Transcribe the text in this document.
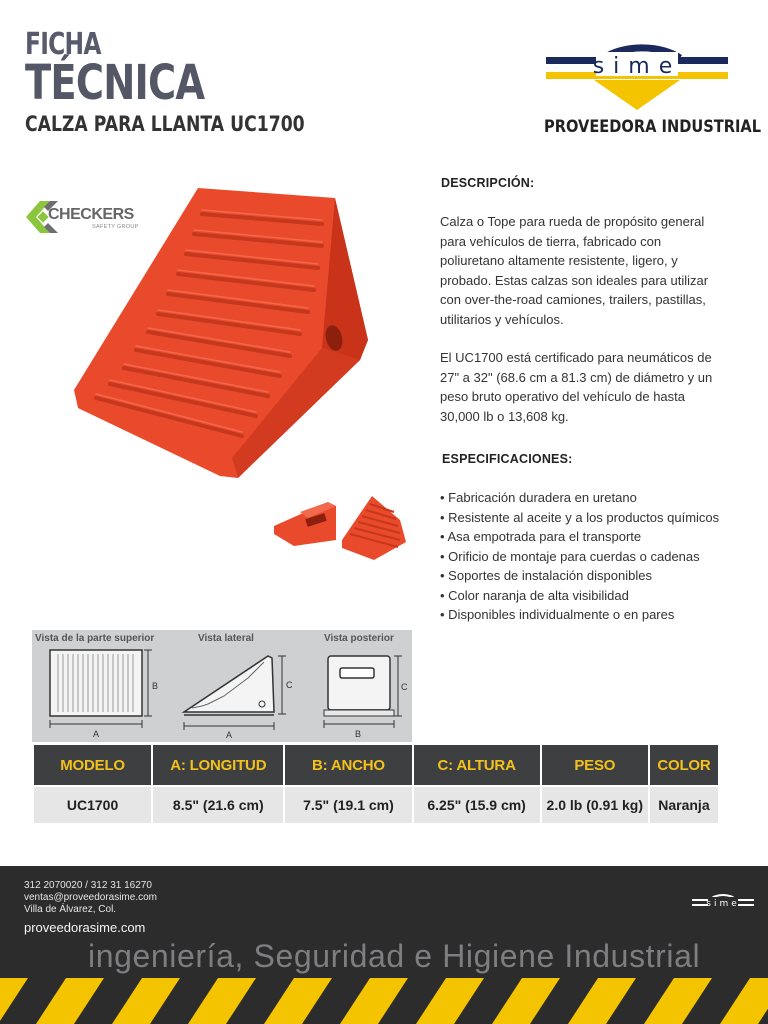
FICHA
TÉCNICA
CALZA PARA LLANTA UC1700
sime
PROVEEDORA INDUSTRIAL
CHECKERS
SAFETY GROUP
DESCRIPCIÓN:
Calza o Tope para rueda de propósito general
para vehículos de tierra, fabricado con
poliuretano altamente resistente, ligero, y
probado. Estas calzas son ideales para utilizar
con over-the-road camiones, trailers, pastillas,
utilitarios y vehículos.
El UC1700 está certificado para neumáticos de
27" a 32" (68.6 cm a 81.3 cm) de diámetro y un
peso bruto operativo del vehículo de hasta
30,000 lb o 13,608 kg.
ESPECIFICACIONES:
• Fabricación duradera en uretano
• Resistente al aceite y a los productos químicos
• Asa empotrada para el transporte
• Orificio de montaje para cuerdas o cadenas
• Soportes de instalación disponibles
• Color naranja de alta visibilidad
• Disponibles individualmente o en pares
Vista de la parte superior	Vista lateral	Vista posterior
A
B
A
C
B
C
MODELO	A: LONGITUD	B: ANCHO	C: ALTURA	PESO	COLOR
UC1700	8.5" (21.6 cm)	7.5" (19.1 cm)	6.25" (15.9 cm)	2.0 lb (0.91 kg)	Naranja
312 2070020 / 312 31 16270
ventas@proveedorasime.com
Villa de Álvarez, Col.
proveedorasime.com
sime
ingeniería, Seguridad e Higiene Industrial
